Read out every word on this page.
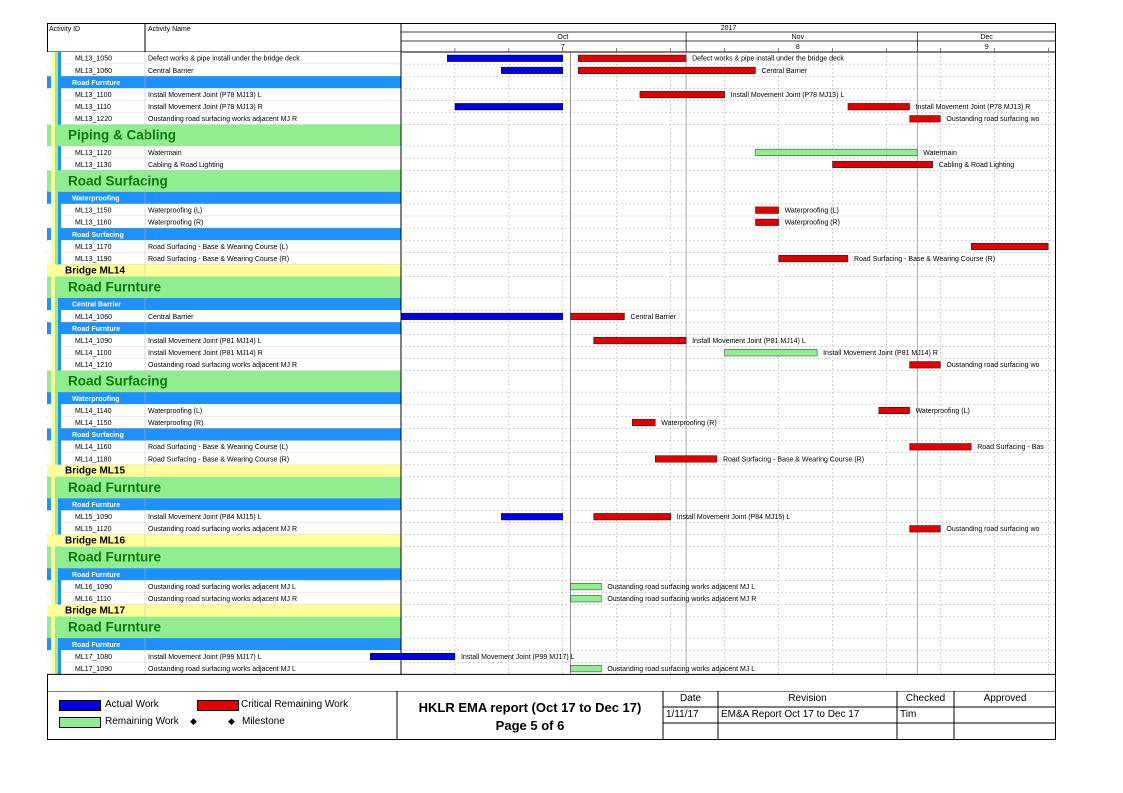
Activity ID	Activity Name	2017
Oct
7
Nov
8
Dec
9
ML13_1050	Defect works & pipe install under the bridge deck
ML13_1060	Central Barrier
Road Furnture
ML13_1100	Install Movement Joint (P78 MJ13) L
ML13_1110	Install Movement Joint (P78 MJ13) R
ML13_1220	Oustanding road surfacing works adjacent MJ R
Piping & Cabling
ML13_1120	Watermain
ML13_1130	Cabling & Road Lighting
Road Surfacing
Waterproofing
ML13_1150	Waterproofing (L)
ML13_1160	Waterproofing (R)
Road Surfacing
ML13_1170	Road Surfacing - Base & Wearing Course (L)
ML13_1190	Road Surfacing - Base & Wearing Course (R)
Bridge ML14
Road Furnture
Central Barrier
ML14_1060	Central Barrier
Road Furnture
ML14_1090	Install Movement Joint (P81 MJ14) L
ML14_1100	Install Movement Joint (P81 MJ14) R
ML14_1210	Oustanding road surfacing works adjacent MJ R
Road Surfacing
Waterproofing
ML14_1140	Waterproofing (L)
ML14_1150	Waterproofing (R)
Road Surfacing
ML14_1160	Road Surfacing - Base & Wearing Course (L)
ML14_1180	Road Surfacing - Base & Wearing Course (R)
Bridge ML15
Road Furnture
Road Furnture
ML15_1090	Install Movement Joint (P84 MJ15) L
ML15_1120	Oustanding road surfacing works adjacent MJ R
Bridge ML16
Road Furnture
Road Furnture
ML16_1090	Oustanding road surfacing works adjacent MJ L
ML16_1110	Oustanding road surfacing works adjacent MJ R
Bridge ML17
Road Furnture
Road Furnture
ML17_1080	Install Movement Joint (P99 MJ17) L
ML17_1090	Oustanding road surfacing works adjacent MJ L
Defect works & pipe install under the bridge deck
Central Barrier
Install Movement Joint (P78 MJ13) L
Install Movement Joint (P78 MJ13) R
Oustanding road surfacing wo
Watermain
Cabling & Road Lighting
Waterproofing (L)
Waterproofing (R)
Road Surfacing - Base & Wearing Course (R)
Central Barrier
Install Movement Joint (P81 MJ14) L
Install Movement Joint (P81 MJ14) R
Oustanding road surfacing wo
Waterproofing (L)
Waterproofing (R)
Road Surfacing - Bas
Road Surfacing - Base & Wearing Course (R)
Install Movement Joint (P84 MJ15) L
Oustanding road surfacing wo
Oustanding road surfacing works adjacent MJ L
Oustanding road surfacing works adjacent MJ R
Install Movement Joint (P99 MJ17) L
Oustanding road surfacing works adjacent MJ L
Actual Work	Critical Remaining Work
Remaining Work ◆	◆ Milestone
HKLR EMA report (Oct 17 to Dec 17)
Page 5 of 6
Date	Revision	Checked	Approved
1/11/17 EM&A Report Oct 17 to Dec 17	Tim
